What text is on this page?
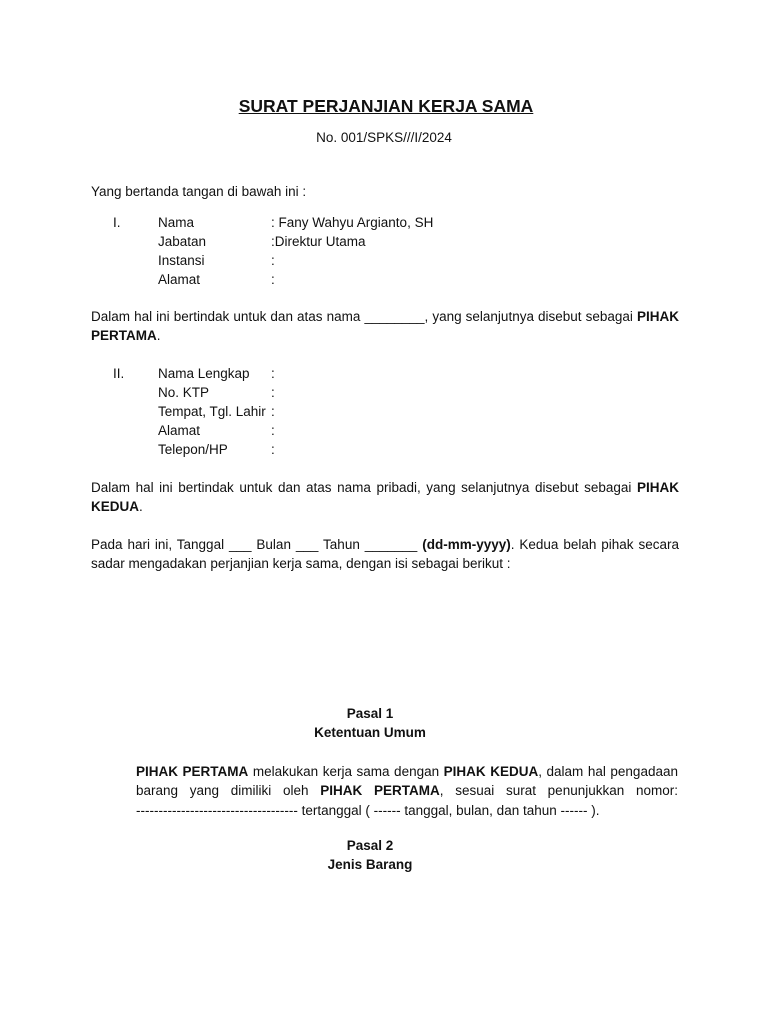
SURAT PERJANJIAN KERJA SAMA
No. 001/SPKS///I/2024
Yang bertanda tangan di bawah ini :
I.	Nama	: Fany Wahyu Argianto, SH
Jabatan	:Direktur Utama
Instansi	:
Alamat	:
Dalam hal ini bertindak untuk dan atas nama ________, yang selanjutnya disebut sebagai PIHAK
PERTAMA.
II. Nama Lengkap :
No. KTP	:
Tempat, Tgl. Lahir :
Alamat	:
Telepon/HP	:
Dalam hal ini bertindak untuk dan atas nama pribadi, yang selanjutnya disebut sebagai PIHAK
KEDUA.
Pada hari ini, Tanggal ___ Bulan ___ Tahun _______ (dd-mm-yyyy). Kedua belah pihak secara
sadar mengadakan perjanjian kerja sama, dengan isi sebagai berikut :
Pasal 1
Ketentuan Umum
PIHAK PERTAMA melakukan kerja sama dengan PIHAK KEDUA, dalam hal pengadaan
barang yang dimiliki oleh PIHAK PERTAMA, sesuai surat penunjukkan nomor:
------------------------------------ tertanggal ( ------ tanggal, bulan, dan tahun ------ ).
Pasal 2
Jenis Barang
